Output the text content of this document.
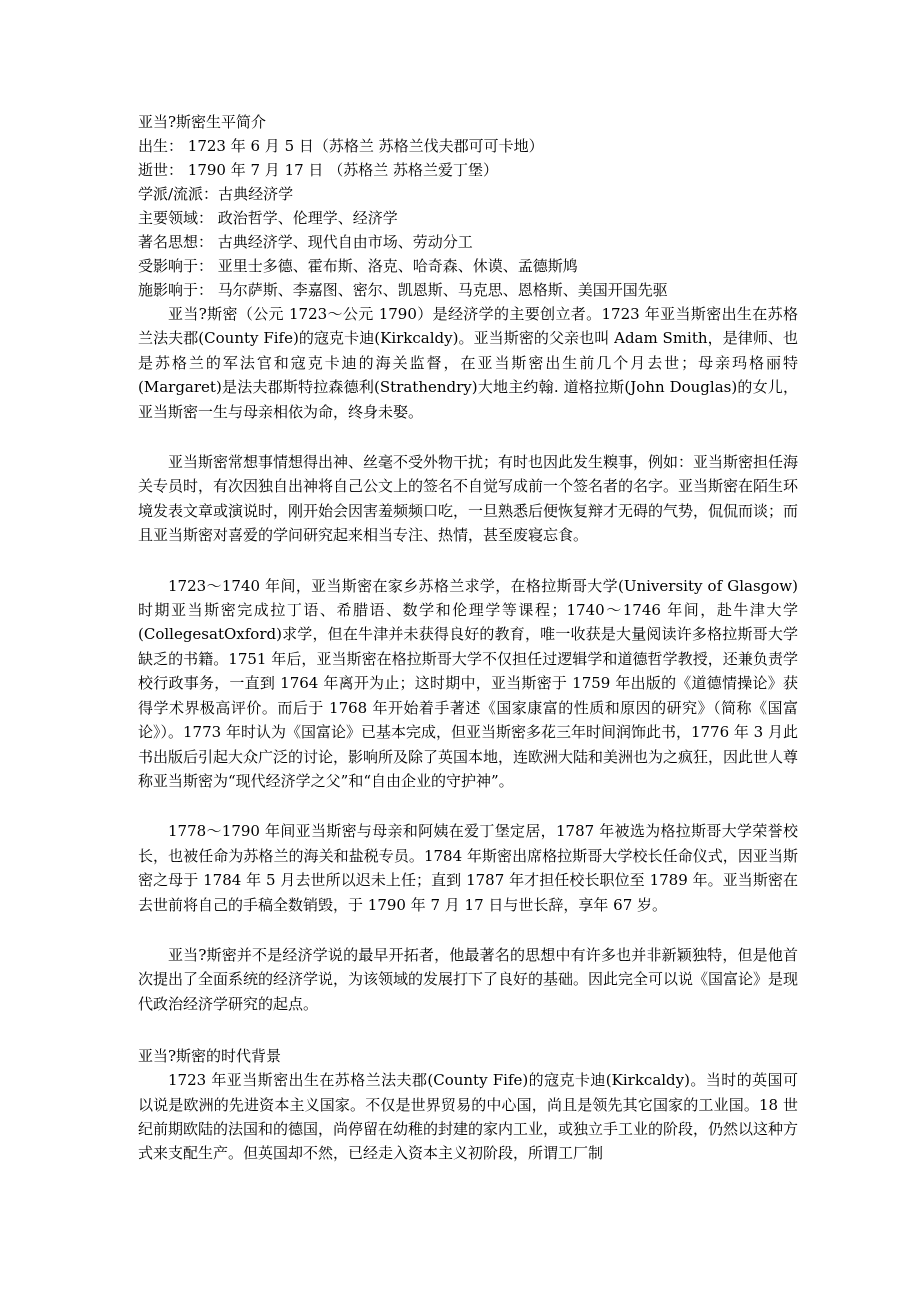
亚当?斯密生平简介
出生： 1723 年 6 月 5 日（苏格兰 苏格兰伐夫郡可可卡地）
逝世： 1790 年 7 月 17 日 （苏格兰 苏格兰爱丁堡）
学派/流派：古典经济学
主要领域： 政治哲学、伦理学、经济学
著名思想： 古典经济学、现代自由市场、劳动分工
受影响于： 亚里士多德、霍布斯、洛克、哈奇森、休谟、孟德斯鸠
施影响于： 马尔萨斯、李嘉图、密尔、凯恩斯、马克思、恩格斯、美国开国先驱

亚当?斯密（公元 1723～公元 1790）是经济学的主要创立者。1723 年亚当斯密出生在苏格兰法夫郡(County Fife)的寇克卡迪(Kirkcaldy)。亚当斯密的父亲也叫 Adam Smith，是律师、也是苏格兰的军法官和寇克卡迪的海关监督，在亚当斯密出生前几个月去世；母亲玛格丽特(Margaret)是法夫郡斯特拉森德利(Strathendry)大地主约翰. 道格拉斯(John Douglas)的女儿，亚当斯密一生与母亲相依为命，终身未娶。

亚当斯密常想事情想得出神、丝毫不受外物干扰；有时也因此发生糗事，例如：亚当斯密担任海关专员时，有次因独自出神将自己公文上的签名不自觉写成前一个签名者的名字。亚当斯密在陌生环境发表文章或演说时，刚开始会因害羞频频口吃，一旦熟悉后便恢复辩才无碍的气势，侃侃而谈；而且亚当斯密对喜爱的学问研究起来相当专注、热情，甚至废寝忘食。

1723～1740 年间，亚当斯密在家乡苏格兰求学，在格拉斯哥大学(University of Glasgow)时期亚当斯密完成拉丁语、希腊语、数学和伦理学等课程；1740～1746 年间，赴牛津大学(CollegesatOxford)求学，但在牛津并未获得良好的教育，唯一收获是大量阅读许多格拉斯哥大学缺乏的书籍。1751 年后，亚当斯密在格拉斯哥大学不仅担任过逻辑学和道德哲学教授，还兼负责学校行政事务，一直到 1764 年离开为止；这时期中，亚当斯密于 1759 年出版的《道德情操论》获得学术界极高评价。而后于 1768 年开始着手著述《国家康富的性质和原因的研究》（简称《国富论》）。1773 年时认为《国富论》已基本完成，但亚当斯密多花三年时间润饰此书，1776 年 3 月此书出版后引起大众广泛的讨论，影响所及除了英国本地，连欧洲大陆和美洲也为之疯狂，因此世人尊称亚当斯密为“现代经济学之父”和“自由企业的守护神”。

1778～1790 年间亚当斯密与母亲和阿姨在爱丁堡定居，1787 年被选为格拉斯哥大学荣誉校长，也被任命为苏格兰的海关和盐税专员。1784 年斯密出席格拉斯哥大学校长任命仪式，因亚当斯密之母于 1784 年 5 月去世所以迟未上任；直到 1787 年才担任校长职位至 1789 年。亚当斯密在去世前将自己的手稿全数销毁，于 1790 年 7 月 17 日与世长辞，享年 67 岁。

亚当?斯密并不是经济学说的最早开拓者，他最著名的思想中有许多也并非新颖独特，但是他首次提出了全面系统的经济学说，为该领域的发展打下了良好的基础。因此完全可以说《国富论》是现代政治经济学研究的起点。

亚当?斯密的时代背景

1723 年亚当斯密出生在苏格兰法夫郡(County Fife)的寇克卡迪(Kirkcaldy)。当时的英国可以说是欧洲的先进资本主义国家。不仅是世界贸易的中心国，尚且是领先其它国家的工业国。18 世纪前期欧陆的法国和的德国，尚停留在幼稚的封建的家内工业，或独立手工业的阶段，仍然以这种方式来支配生产。但英国却不然，已经走入资本主义初阶段，所谓工厂制
